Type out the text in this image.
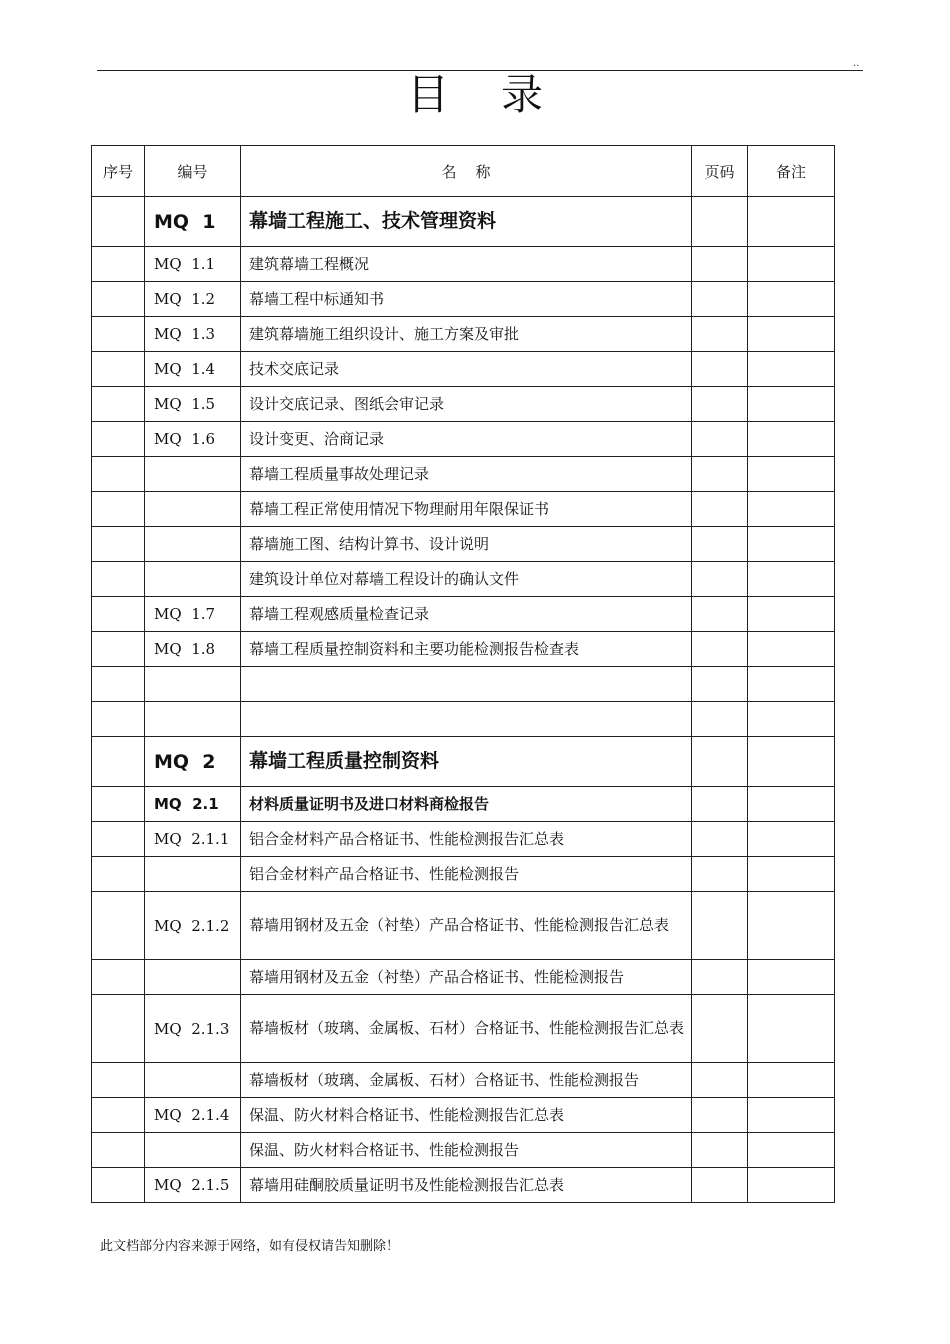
..
目录
序号	编号	名    称	页码	备注
	MQ  1	幕墙工程施工、技术管理资料		
	MQ  1.1	建筑幕墙工程概况		
	MQ  1.2	幕墙工程中标通知书		
	MQ  1.3	建筑幕墙施工组织设计、施工方案及审批		
	MQ  1.4	技术交底记录		
	MQ  1.5	设计交底记录、图纸会审记录		
	MQ  1.6	设计变更、洽商记录		
		幕墙工程质量事故处理记录		
		幕墙工程正常使用情况下物理耐用年限保证书		
		幕墙施工图、结构计算书、设计说明		
		建筑设计单位对幕墙工程设计的确认文件		
	MQ  1.7	幕墙工程观感质量检查记录		
	MQ  1.8	幕墙工程质量控制资料和主要功能检测报告检查表		

	MQ  2	幕墙工程质量控制资料		
	MQ  2.1	材料质量证明书及进口材料商检报告		
	MQ  2.1.1	铝合金材料产品合格证书、性能检测报告汇总表		
		铝合金材料产品合格证书、性能检测报告		
	MQ  2.1.2	幕墙用钢材及五金（衬垫）产品合格证书、性能检测报告汇总表		
		幕墙用钢材及五金（衬垫）产品合格证书、性能检测报告		
	MQ  2.1.3	幕墙板材（玻璃、金属板、石材）合格证书、性能检测报告汇总表		
		幕墙板材（玻璃、金属板、石材）合格证书、性能检测报告		
	MQ  2.1.4	保温、防火材料合格证书、性能检测报告汇总表		
		保温、防火材料合格证书、性能检测报告		
	MQ  2.1.5	幕墙用硅酮胶质量证明书及性能检测报告汇总表		
此文档部分内容来源于网络，如有侵权请告知删除！
